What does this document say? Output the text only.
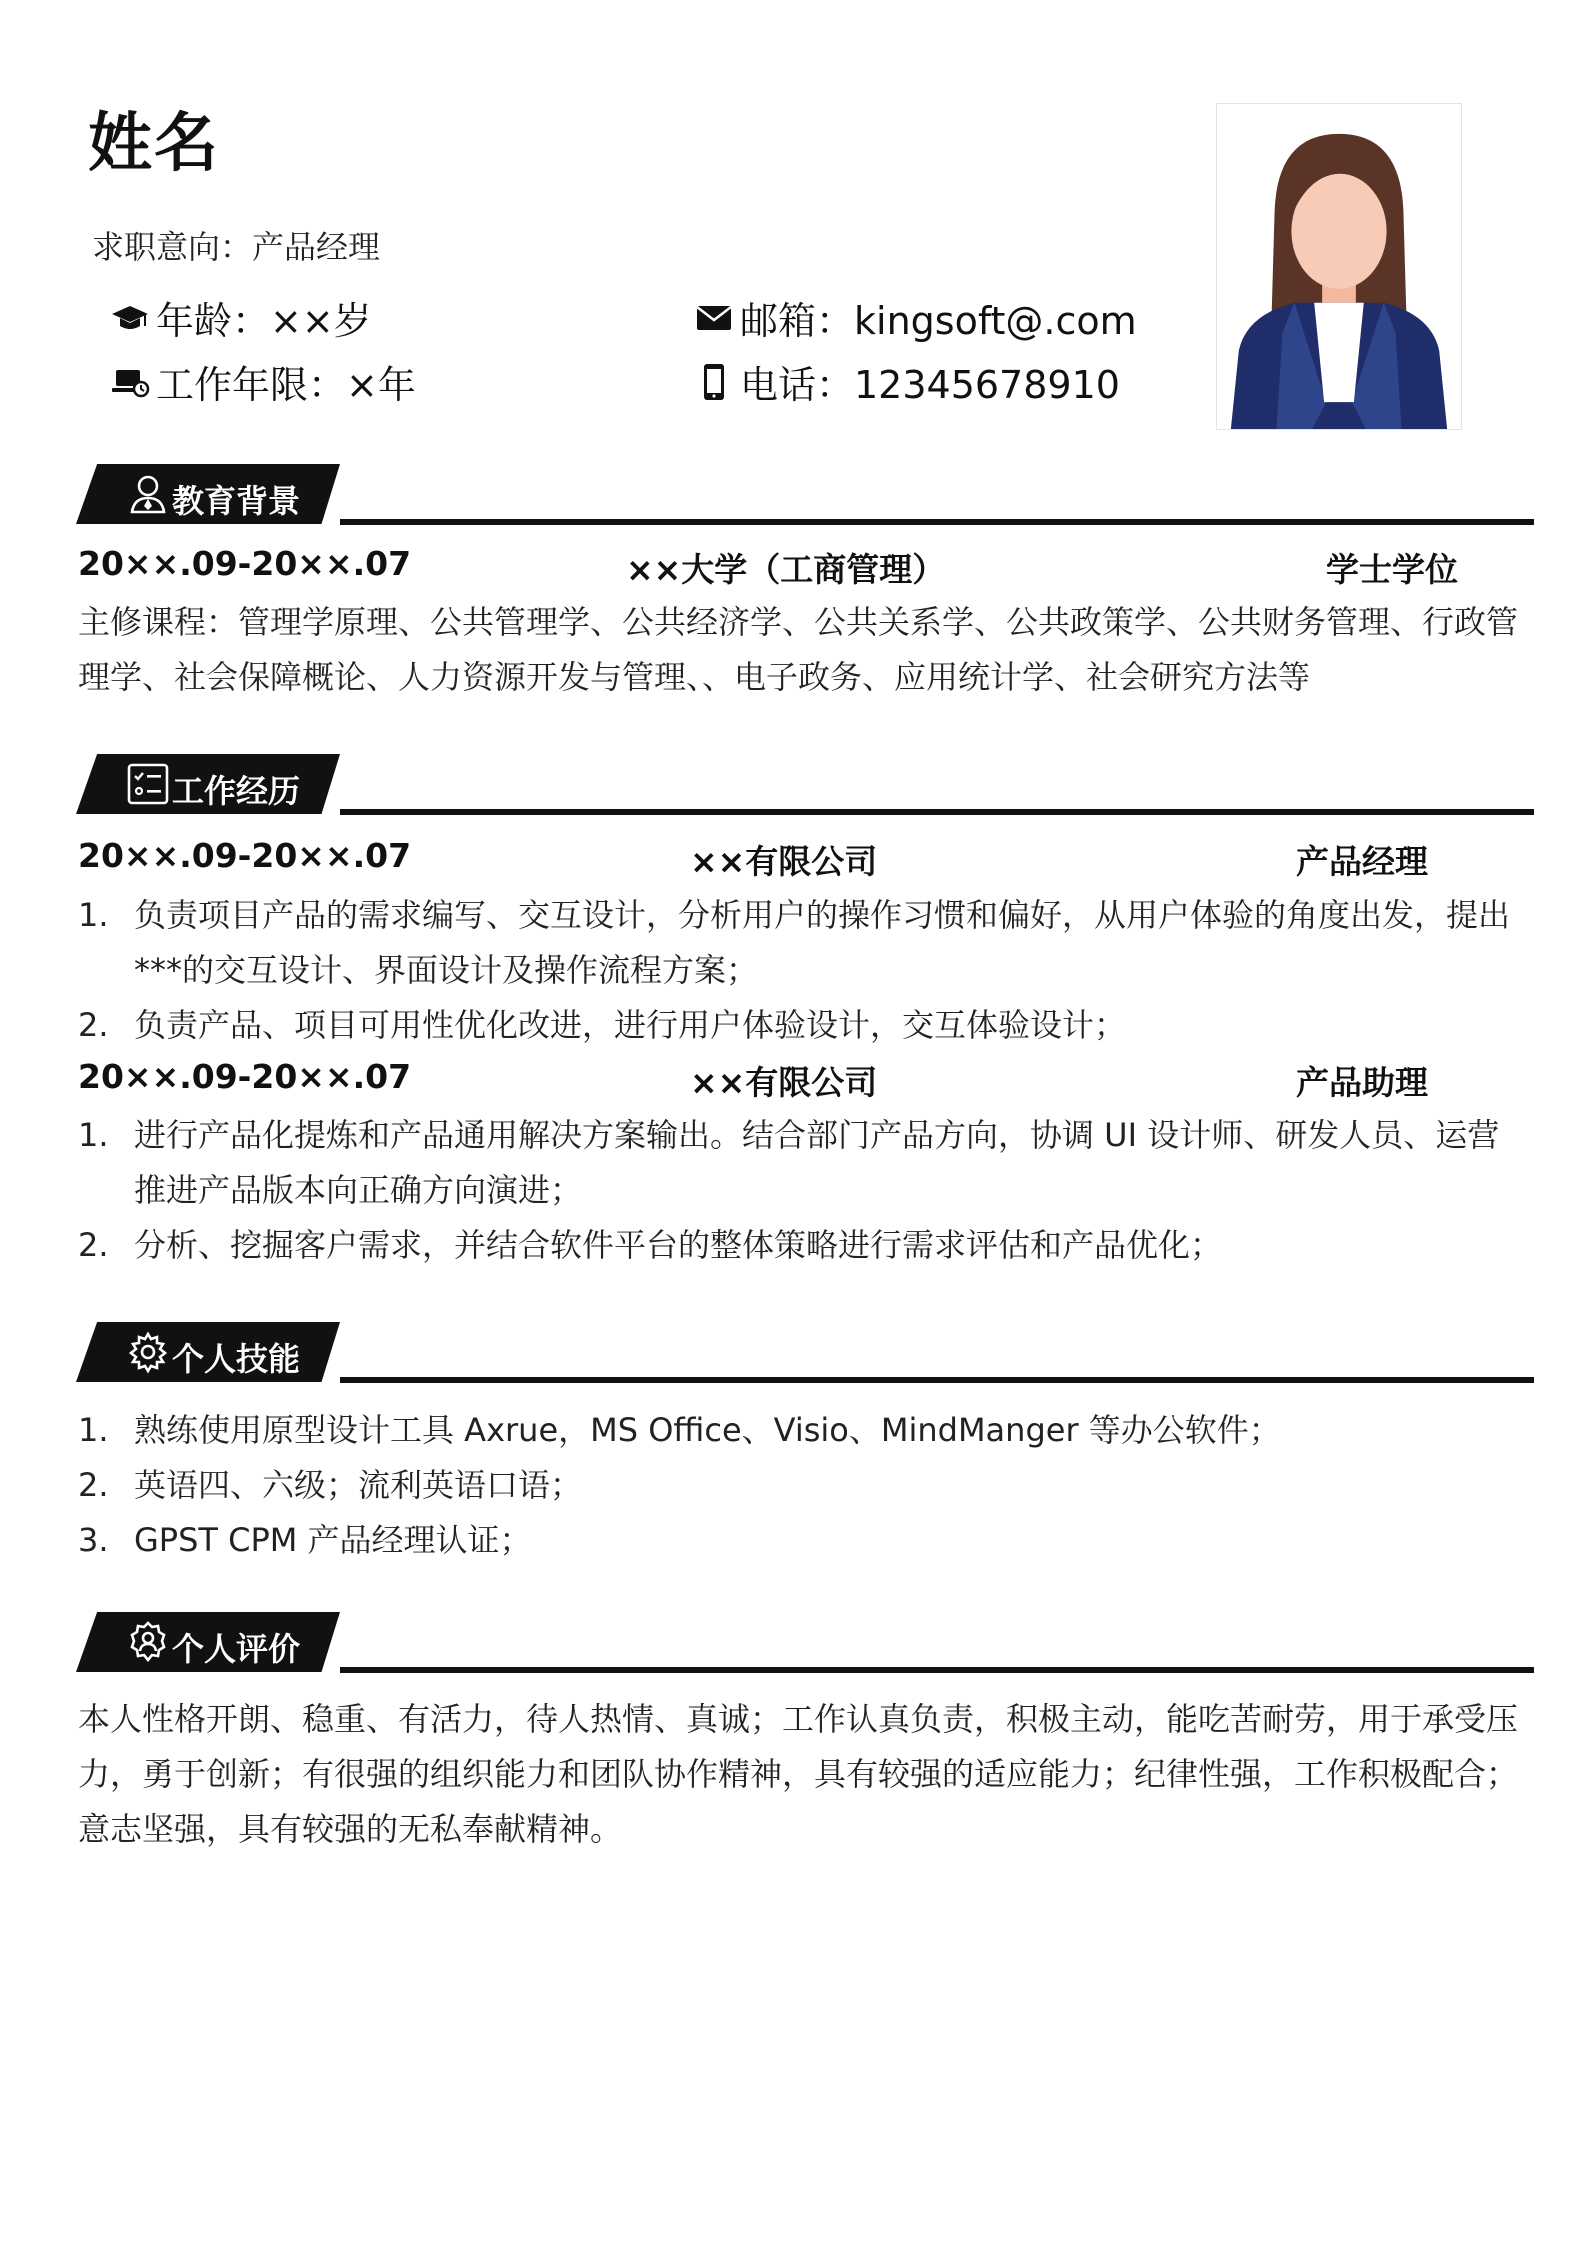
姓名
求职意向：产品经理
年龄：××岁
工作年限：×年
邮箱：kingsoft@.com
电话：12345678910
教育背景
20××.09-20××.07	××大学（工商管理）	学士学位
主修课程：管理学原理、公共管理学、公共经济学、公共关系学、公共政策学、公共财务管理、行政管理学、社会保障概论、人力资源开发与管理、、电子政务、应用统计学、社会研究方法等
工作经历
20××.09-20××.07	××有限公司	产品经理
1. 负责项目产品的需求编写、交互设计，分析用户的操作习惯和偏好，从用户体验的角度出发，提出***的交互设计、界面设计及操作流程方案；
2. 负责产品、项目可用性优化改进，进行用户体验设计，交互体验设计；
20××.09-20××.07	××有限公司	产品助理
1. 进行产品化提炼和产品通用解决方案输出。结合部门产品方向，协调 UI 设计师、研发人员、运营推进产品版本向正确方向演进；
2. 分析、挖掘客户需求，并结合软件平台的整体策略进行需求评估和产品优化；
个人技能
1. 熟练使用原型设计工具 Axrue，MS Office、Visio、MindManger 等办公软件；
2. 英语四、六级；流利英语口语；
3. GPST CPM 产品经理认证；
个人评价
本人性格开朗、稳重、有活力，待人热情、真诚；工作认真负责，积极主动，能吃苦耐劳，用于承受压力，勇于创新；有很强的组织能力和团队协作精神，具有较强的适应能力；纪律性强，工作积极配合；意志坚强，具有较强的无私奉献精神。
